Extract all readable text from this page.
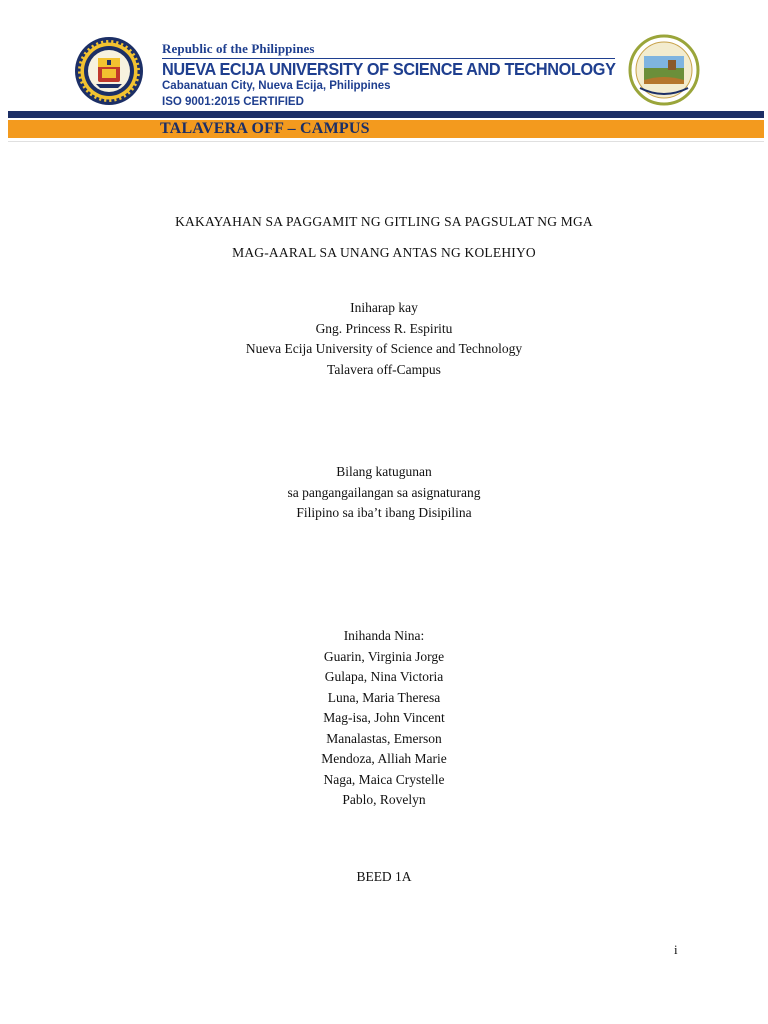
Republic of the Philippines
NUEVA ECIJA UNIVERSITY OF SCIENCE AND TECHNOLOGY
Cabanatuan City, Nueva Ecija, Philippines
ISO 9001:2015 CERTIFIED
TALAVERA OFF – CAMPUS
KAKAYAHAN SA PAGGAMIT NG GITLING SA PAGSULAT NG MGA
MAG-AARAL SA UNANG ANTAS NG KOLEHIYO
Iniharap kay
Gng. Princess R. Espiritu
Nueva Ecija University of Science and Technology
Talavera off-Campus
Bilang katugunan
sa pangangailangan sa asignaturang
Filipino sa iba’t ibang Disipilina
Inihanda Nina:
Guarin, Virginia Jorge
Gulapa, Nina Victoria
Luna, Maria Theresa
Mag-isa, John Vincent
Manalastas, Emerson
Mendoza, Alliah Marie
Naga, Maica Crystelle
Pablo, Rovelyn
BEED 1A
i
